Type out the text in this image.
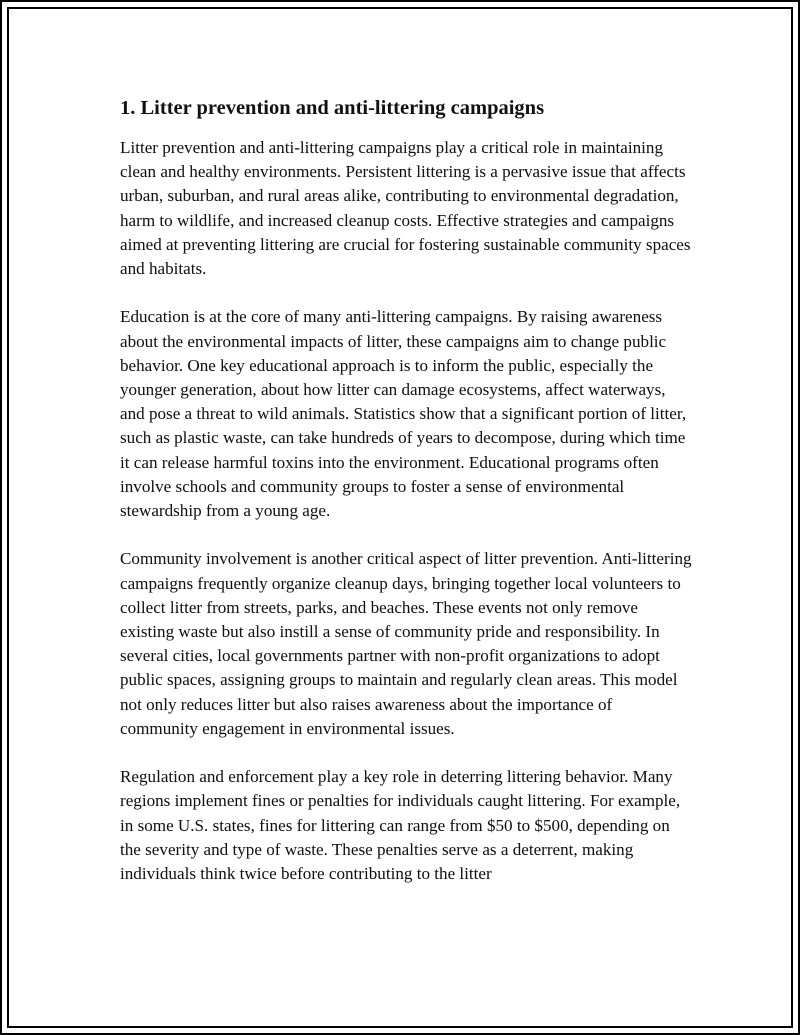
1. Litter prevention and anti-littering campaigns

Litter prevention and anti-littering campaigns play a critical role in maintaining clean and healthy environments. Persistent littering is a pervasive issue that affects urban, suburban, and rural areas alike, contributing to environmental degradation, harm to wildlife, and increased cleanup costs. Effective strategies and campaigns aimed at preventing littering are crucial for fostering sustainable community spaces and habitats.

Education is at the core of many anti-littering campaigns. By raising awareness about the environmental impacts of litter, these campaigns aim to change public behavior. One key educational approach is to inform the public, especially the younger generation, about how litter can damage ecosystems, affect waterways, and pose a threat to wild animals. Statistics show that a significant portion of litter, such as plastic waste, can take hundreds of years to decompose, during which time it can release harmful toxins into the environment. Educational programs often involve schools and community groups to foster a sense of environmental stewardship from a young age.

Community involvement is another critical aspect of litter prevention. Anti-littering campaigns frequently organize cleanup days, bringing together local volunteers to collect litter from streets, parks, and beaches. These events not only remove existing waste but also instill a sense of community pride and responsibility. In several cities, local governments partner with non-profit organizations to adopt public spaces, assigning groups to maintain and regularly clean areas. This model not only reduces litter but also raises awareness about the importance of community engagement in environmental issues.

Regulation and enforcement play a key role in deterring littering behavior. Many regions implement fines or penalties for individuals caught littering. For example, in some U.S. states, fines for littering can range from $50 to $500, depending on the severity and type of waste. These penalties serve as a deterrent, making individuals think twice before contributing to the litter
